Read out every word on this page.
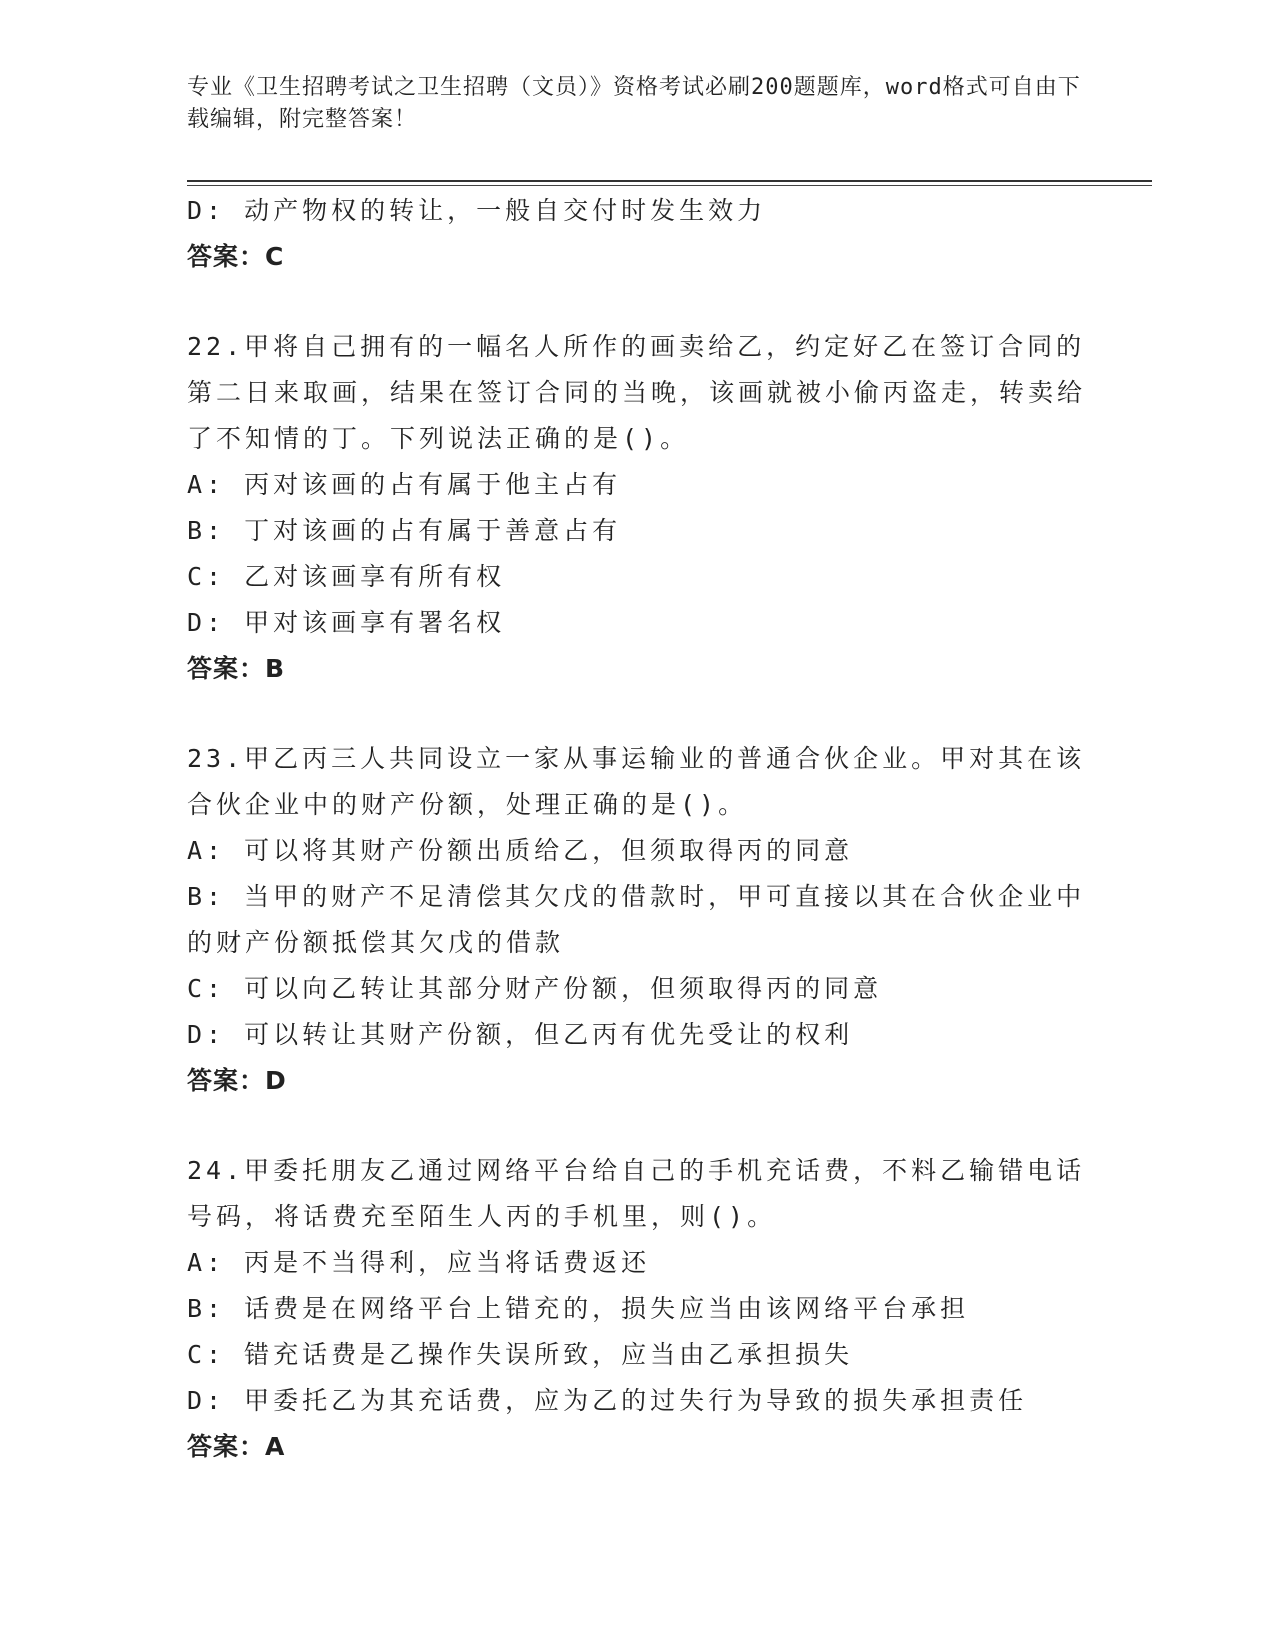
专业《卫生招聘考试之卫生招聘（文员）》资格考试必刷200题题库，word格式可自由下载编辑，附完整答案！

D: 动产物权的转让，一般自交付时发生效力

答案：C

22.甲将自己拥有的一幅名人所作的画卖给乙，约定好乙在签订合同的第二日来取画，结果在签订合同的当晚，该画就被小偷丙盗走，转卖给了不知情的丁。下列说法正确的是()。

A: 丙对该画的占有属于他主占有

B: 丁对该画的占有属于善意占有

C: 乙对该画享有所有权

D: 甲对该画享有署名权

答案：B

23.甲乙丙三人共同设立一家从事运输业的普通合伙企业。甲对其在该合伙企业中的财产份额，处理正确的是()。

A: 可以将其财产份额出质给乙，但须取得丙的同意

B: 当甲的财产不足清偿其欠戊的借款时，甲可直接以其在合伙企业中的财产份额抵偿其欠戊的借款

C: 可以向乙转让其部分财产份额，但须取得丙的同意

D: 可以转让其财产份额，但乙丙有优先受让的权利

答案：D

24.甲委托朋友乙通过网络平台给自己的手机充话费，不料乙输错电话号码，将话费充至陌生人丙的手机里，则()。

A: 丙是不当得利，应当将话费返还

B: 话费是在网络平台上错充的，损失应当由该网络平台承担

C: 错充话费是乙操作失误所致，应当由乙承担损失

D: 甲委托乙为其充话费，应为乙的过失行为导致的损失承担责任

答案：A
